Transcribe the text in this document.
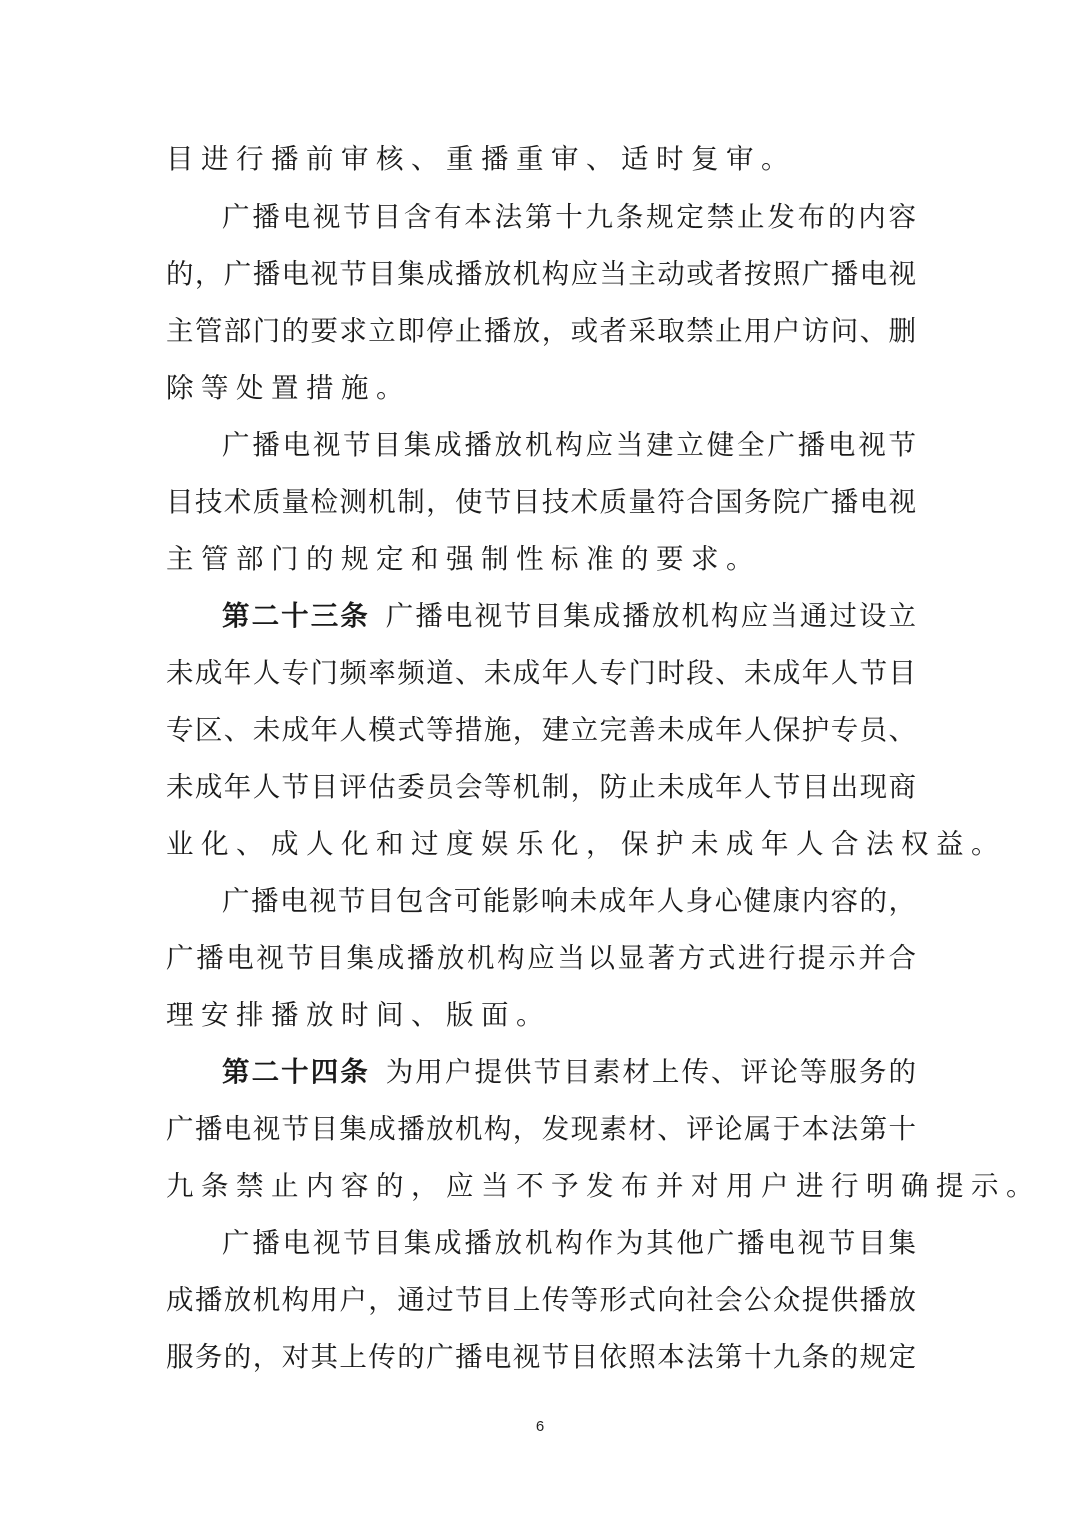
目进行播前审核、重播重审、适时复审。
广播电视节目含有本法第十九条规定禁止发布的内容
的，广播电视节目集成播放机构应当主动或者按照广播电视
主管部门的要求立即停止播放，或者采取禁止用户访问、删
除等处置措施。
广播电视节目集成播放机构应当建立健全广播电视节
目技术质量检测机制，使节目技术质量符合国务院广播电视
主管部门的规定和强制性标准的要求。
第二十三条  广播电视节目集成播放机构应当通过设立
未成年人专门频率频道、未成年人专门时段、未成年人节目
专区、未成年人模式等措施，建立完善未成年人保护专员、
未成年人节目评估委员会等机制，防止未成年人节目出现商
业化、成人化和过度娱乐化，保护未成年人合法权益。
广播电视节目包含可能影响未成年人身心健康内容的，
广播电视节目集成播放机构应当以显著方式进行提示并合
理安排播放时间、版面。
第二十四条  为用户提供节目素材上传、评论等服务的
广播电视节目集成播放机构，发现素材、评论属于本法第十
九条禁止内容的，应当不予发布并对用户进行明确提示。
广播电视节目集成播放机构作为其他广播电视节目集
成播放机构用户，通过节目上传等形式向社会公众提供播放
服务的，对其上传的广播电视节目依照本法第十九条的规定
6
